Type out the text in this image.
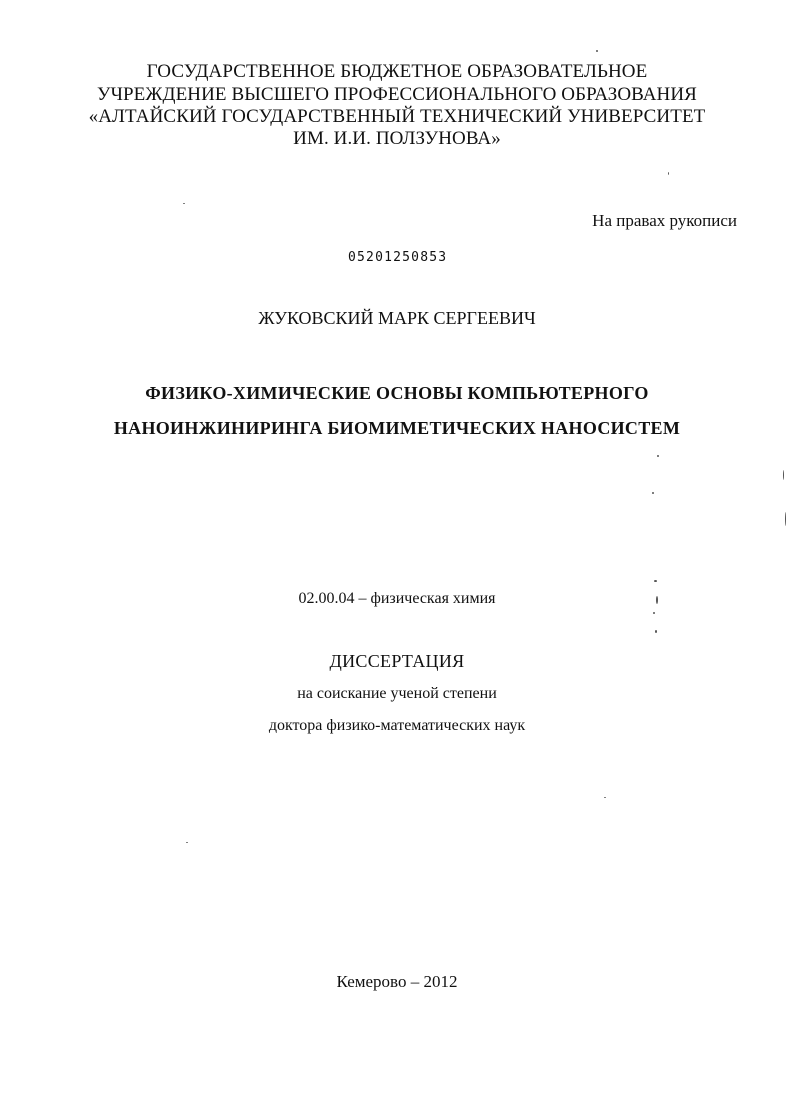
ГОСУДАРСТВЕННОЕ БЮДЖЕТНОЕ ОБРАЗОВАТЕЛЬНОЕ
УЧРЕЖДЕНИЕ ВЫСШЕГО ПРОФЕССИОНАЛЬНОГО ОБРАЗОВАНИЯ
«АЛТАЙСКИЙ ГОСУДАРСТВЕННЫЙ ТЕХНИЧЕСКИЙ УНИВЕРСИТЕТ
ИМ. И.И. ПОЛЗУНОВА»
На правах рукописи
05201250853
ЖУКОВСКИЙ МАРК СЕРГЕЕВИЧ
ФИЗИКО-ХИМИЧЕСКИЕ ОСНОВЫ КОМПЬЮТЕРНОГО
НАНОИНЖИНИРИНГА БИОМИМЕТИЧЕСКИХ НАНОСИСТЕМ
02.00.04 – физическая химия
ДИССЕРТАЦИЯ
на соискание ученой степени
доктора физико-математических наук
Кемерово – 2012
